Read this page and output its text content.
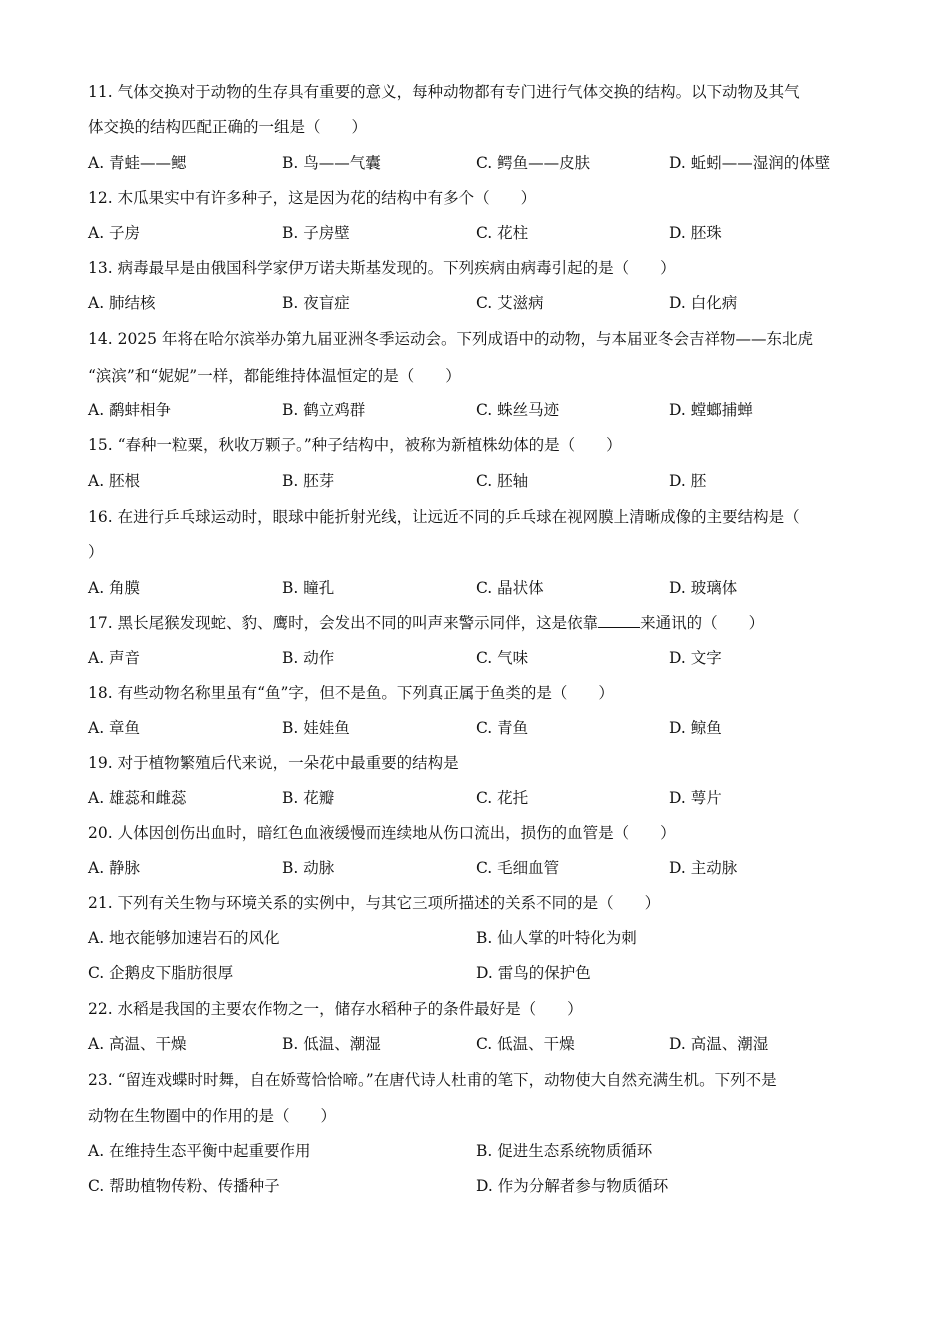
11. 气体交换对于动物的生存具有重要的意义，每种动物都有专门进行气体交换的结构。以下动物及其气
体交换的结构匹配正确的一组是（　　）
A. 青蛙——鳃	B. 鸟——气囊	C. 鳄鱼——皮肤	D. 蚯蚓——湿润的体壁
12. 木瓜果实中有许多种子，这是因为花的结构中有多个（　　）
A. 子房	B. 子房壁	C. 花柱	D. 胚珠
13. 病毒最早是由俄国科学家伊万诺夫斯基发现的。下列疾病由病毒引起的是（　　）
A. 肺结核	B. 夜盲症	C. 艾滋病	D. 白化病
14. 2025 年将在哈尔滨举办第九届亚洲冬季运动会。下列成语中的动物，与本届亚冬会吉祥物——东北虎
“滨滨”和“妮妮”一样，都能维持体温恒定的是（　　）
A. 鹬蚌相争	B. 鹤立鸡群	C. 蛛丝马迹	D. 螳螂捕蝉
15. “春种一粒粟，秋收万颗子。”种子结构中，被称为新植株幼体的是（　　）
A. 胚根	B. 胚芽	C. 胚轴	D. 胚
16. 在进行乒乓球运动时，眼球中能折射光线，让远近不同的乒乓球在视网膜上清晰成像的主要结构是（
）
A. 角膜	B. 瞳孔	C. 晶状体	D. 玻璃体
17. 黑长尾猴发现蛇、豹、鹰时，会发出不同的叫声来警示同伴，这是依靠	来通讯的（　　）
A. 声音	B. 动作	C. 气味	D. 文字
18. 有些动物名称里虽有“鱼”字，但不是鱼。下列真正属于鱼类的是（　　）
A. 章鱼	B. 娃娃鱼	C. 青鱼	D. 鲸鱼
19. 对于植物繁殖后代来说，一朵花中最重要的结构是
A. 雄蕊和雌蕊	B. 花瓣	C. 花托	D. 萼片
20. 人体因创伤出血时，暗红色血液缓慢而连续地从伤口流出，损伤的血管是（　　）
A. 静脉	B. 动脉	C. 毛细血管	D. 主动脉
21. 下列有关生物与环境关系的实例中，与其它三项所描述的关系不同的是（　　）
A. 地衣能够加速岩石的风化	B. 仙人掌的叶特化为刺
C. 企鹅皮下脂肪很厚	D. 雷鸟的保护色
22. 水稻是我国的主要农作物之一，储存水稻种子的条件最好是（　　）
A. 高温、干燥	B. 低温、潮湿	C. 低温、干燥	D. 高温、潮湿
23. “留连戏蝶时时舞，自在娇莺恰恰啼。”在唐代诗人杜甫的笔下，动物使大自然充满生机。下列不是
动物在生物圈中的作用的是（　　）
A. 在维持生态平衡中起重要作用	B. 促进生态系统物质循环
C. 帮助植物传粉、传播种子	D. 作为分解者参与物质循环
